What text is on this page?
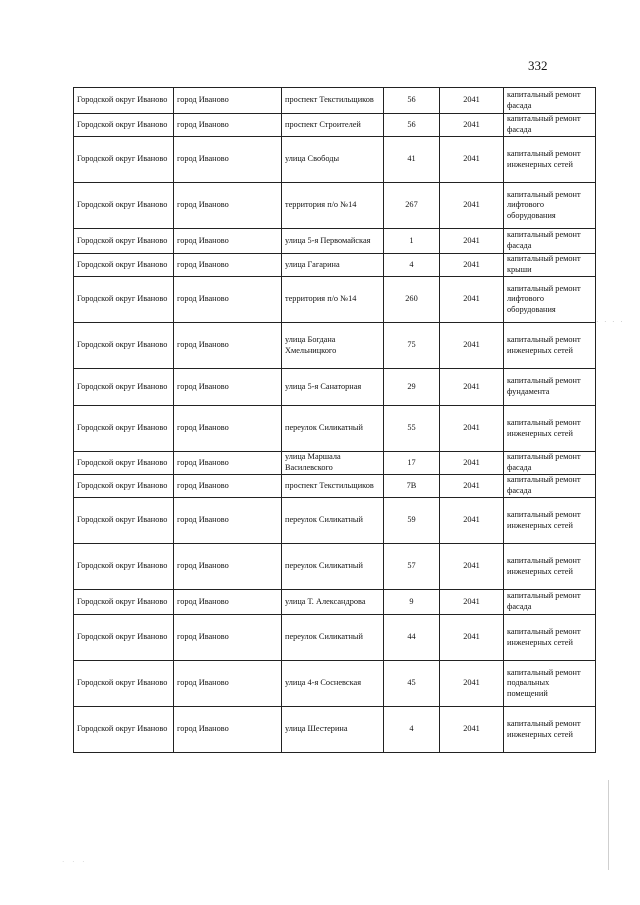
332
Городской округ Иваново	город Иваново	проспект Текстильщиков	56	2041	капитальный ремонт фасада
Городской округ Иваново	город Иваново	проспект Строителей	56	2041	капитальный ремонт фасада
Городской округ Иваново	город Иваново	улица Свободы	41	2041	капитальный ремонт инженерных сетей
Городской округ Иваново	город Иваново	территория п/о №14	267	2041	капитальный ремонт лифтового оборудования
Городской округ Иваново	город Иваново	улица 5-я Первомайская	1	2041	капитальный ремонт фасада
Городской округ Иваново	город Иваново	улица Гагарина	4	2041	капитальный ремонт крыши
Городской округ Иваново	город Иваново	территория п/о №14	260	2041	капитальный ремонт лифтового оборудования
Городской округ Иваново	город Иваново	улица Богдана Хмельницкого	75	2041	капитальный ремонт инженерных сетей
Городской округ Иваново	город Иваново	улица 5-я Санаторная	29	2041	капитальный ремонт фундамента
Городской округ Иваново	город Иваново	переулок Силикатный	55	2041	капитальный ремонт инженерных сетей
Городской округ Иваново	город Иваново	улица Маршала Василевского	17	2041	капитальный ремонт фасада
Городской округ Иваново	город Иваново	проспект Текстильщиков	7В	2041	капитальный ремонт фасада
Городской округ Иваново	город Иваново	переулок Силикатный	59	2041	капитальный ремонт инженерных сетей
Городской округ Иваново	город Иваново	переулок Силикатный	57	2041	капитальный ремонт инженерных сетей
Городской округ Иваново	город Иваново	улица Т. Александрова	9	2041	капитальный ремонт фасада
Городской округ Иваново	город Иваново	переулок Силикатный	44	2041	капитальный ремонт инженерных сетей
Городской округ Иваново	город Иваново	улица 4-я Сосневская	45	2041	капитальный ремонт подвальных помещений
Городской округ Иваново	город Иваново	улица Шестерина	4	2041	капитальный ремонт инженерных сетей
· · · ·
· · ·
